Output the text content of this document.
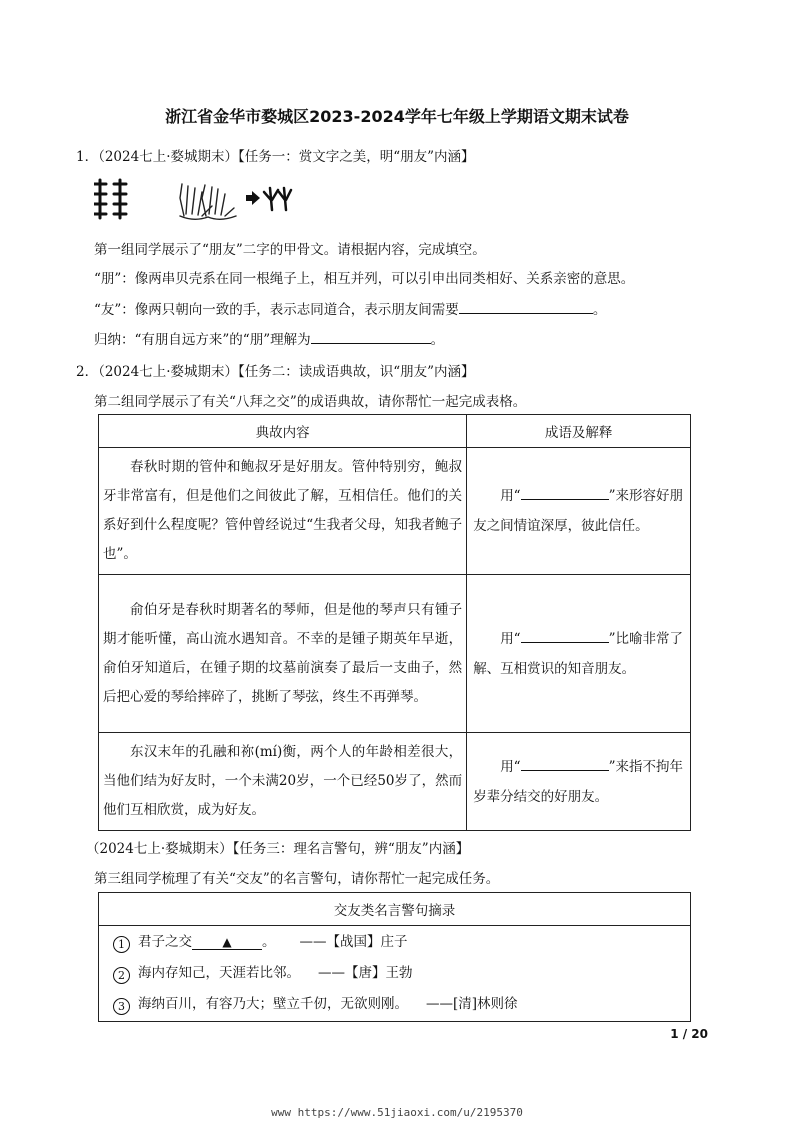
浙江省金华市婺城区2023-2024学年七年级上学期语文期末试卷
1．（2024七上·婺城期末）【任务一：赏文字之美，明“朋友”内涵】
第一组同学展示了“朋友”二字的甲骨文。请根据内容，完成填空。
“朋”：像两串贝壳系在同一根绳子上，相互并列，可以引申出同类相好、关系亲密的意思。
“友”：像两只朝向一致的手，表示志同道合，表示朋友间需要	。
归纳：“有朋自远方来”的“朋”理解为	。
2．（2024七上·婺城期末）【任务二：读成语典故，识“朋友”内涵】
第二组同学展示了有关“八拜之交”的成语典故，请你帮忙一起完成表格。
典故内容	成语及解释
春秋时期的管仲和鲍叔牙是好朋友。管仲特别穷，鲍叔牙非常富有，但是他们之间彼此了解，互相信任。他们的关系好到什么程度呢？管仲曾经说过“生我者父母，知我者鲍子也”。	用“ ”来形容好朋友之间情谊深厚，彼此信任。
俞伯牙是春秋时期著名的琴师，但是他的琴声只有锺子期才能听懂，高山流水遇知音。不幸的是锺子期英年早逝，俞伯牙知道后，在锺子期的坟墓前演奏了最后一支曲子，然后把心爱的琴给摔碎了，挑断了琴弦，终生不再弹琴。	用“ ”比喻非常了解、互相赏识的知音朋友。
东汉末年的孔融和祢(mí)衡，两个人的年龄相差很大，当他们结为好友时，一个未满20岁，一个已经50岁了，然而他们互相欣赏，成为好友。	用“ ”来指不拘年岁辈分结交的好朋友。
（2024七上·婺城期末）【任务三：理名言警句，辨“朋友”内涵】
第三组同学梳理了有关“交友”的名言警句，请你帮忙一起完成任务。
交友类名言警句摘录

1 君子之交	▲ 。 ——【战国】庄子
2 海内存知己，天涯若比邻。 ——【唐】王勃
3 海纳百川，有容乃大；壁立千仞，无欲则刚。 ——[清]林则徐
1 / 20
www https://www.51jiaoxi.com/u/2195370
